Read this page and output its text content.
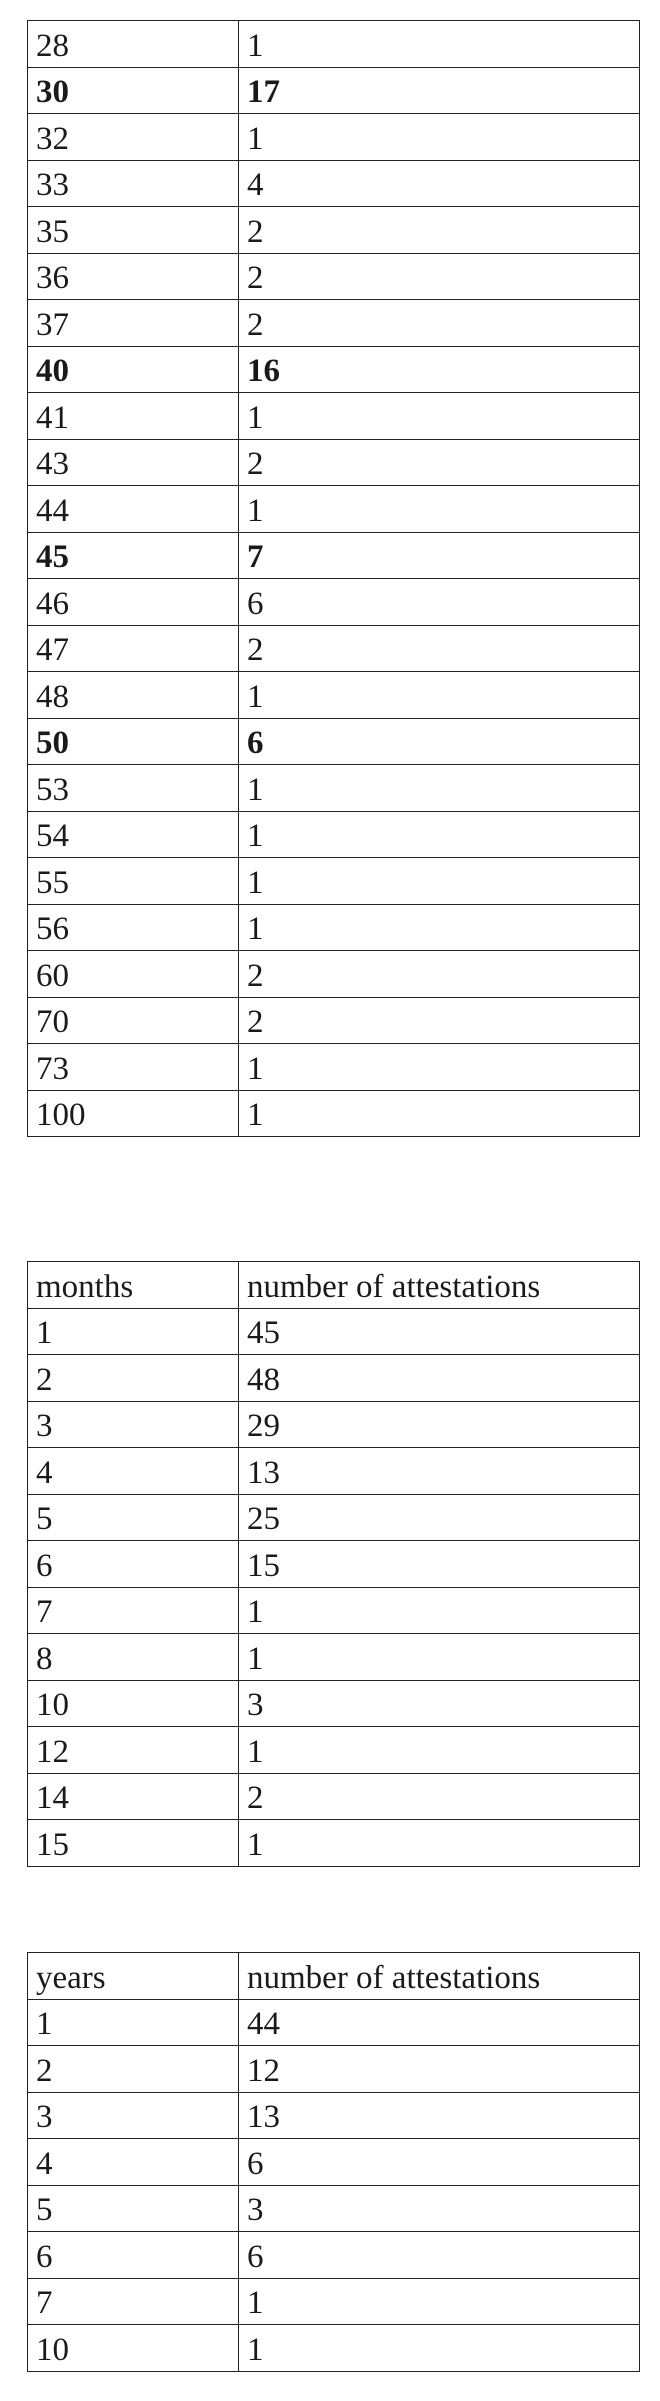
28	1
30	17
32	1
33	4
35	2
36	2
37	2
40	16
41	1
43	2
44	1
45	7
46	6
47	2
48	1
50	6
53	1
54	1
55	1
56	1
60	2
70	2
73	1
100	1
months	number of attestations
1	45
2	48
3	29
4	13
5	25
6	15
7	1
8	1
10	3
12	1
14	2
15	1
years	number of attestations
1	44
2	12
3	13
4	6
5	3
6	6
7	1
10	1
